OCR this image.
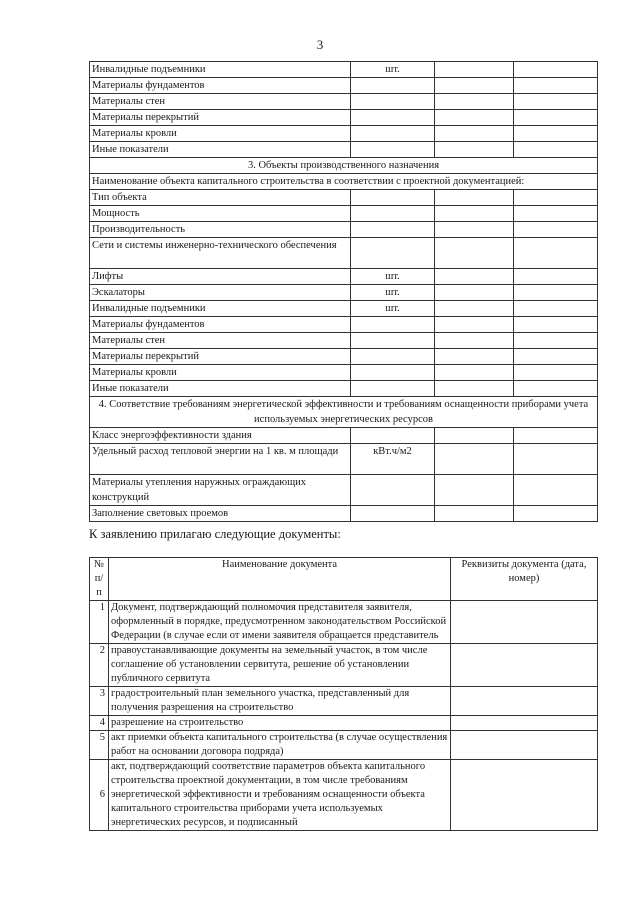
3
Инвалидные подъемники	шт.		
Материалы фундаментов			
Материалы стен			
Материалы перекрытий			
Материалы кровли			
Иные показатели			
3. Объекты производственного назначения			
Наименование объекта капитального строительства в соответствии с проектной документацией:			
Тип объекта			
Мощность			
Производительность			
Сети и системы инженерно-технического обеспечения			
Лифты	шт.		
Эскалаторы	шт.		
Инвалидные подъемники	шт.		
Материалы фундаментов			
Материалы стен			
Материалы перекрытий			
Материалы кровли			
Иные показатели			
4. Соответствие требованиям энергетической эффективности и требованиям оснащенности приборами учета используемых энергетических ресурсов			
Класс энергоэффективности здания			
Удельный расход тепловой энергии на 1 кв. м площади	кВт.ч/м2		
Материалы утепления наружных ограждающих конструкций			
Заполнение световых проемов			
К заявлению прилагаю следующие документы:
№ п/п	Наименование документа	Реквизиты документа (дата, номер)
1	Документ, подтверждающий полномочия представителя заявителя, оформленный в порядке, предусмотренном законодательством Российской Федерации (в случае если от имени заявителя обращается представитель	
2	правоустанавливающие документы на земельный участок, в том числе соглашение об установлении сервитута, решение об установлении публичного сервитута	
3	градостроительный план земельного участка, представленный для получения разрешения на строительство	
4	разрешение на строительство	
5	акт приемки объекта капитального строительства (в случае осуществления работ на основании договора подряда)	
6	акт, подтверждающий соответствие параметров объекта капитального строительства проектной документации, в том числе требованиям энергетической эффективности и требованиям оснащенности объекта капитального строительства приборами учета используемых энергетических ресурсов, и подписанный	
